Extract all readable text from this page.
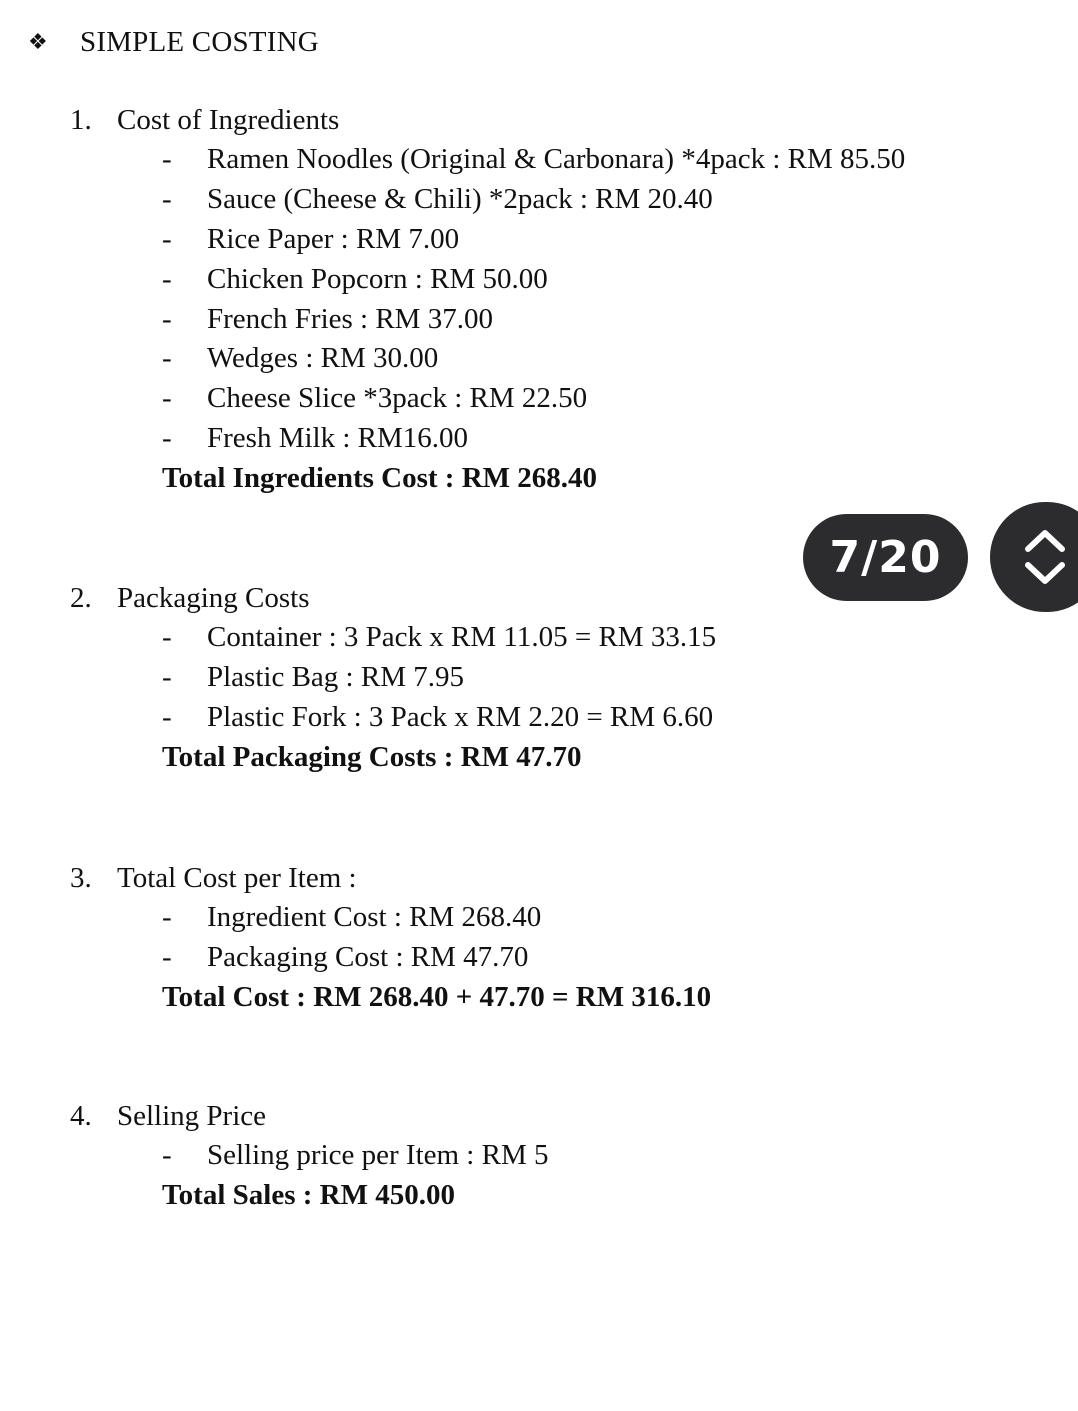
❖	SIMPLE COSTING
1. Cost of Ingredients
-	Ramen Noodles (Original & Carbonara) *4pack : RM 85.50
-	Sauce (Cheese & Chili) *2pack : RM 20.40
-	Rice Paper : RM 7.00
-	Chicken Popcorn : RM 50.00
-	French Fries : RM 37.00
-	Wedges : RM 30.00
-	Cheese Slice *3pack : RM 22.50
-	Fresh Milk : RM16.00
Total Ingredients Cost : RM 268.40
2. Packaging Costs
-	Container : 3 Pack x RM 11.05 = RM 33.15
-	Plastic Bag : RM 7.95
-	Plastic Fork : 3 Pack x RM 2.20 = RM 6.60
Total Packaging Costs : RM 47.70
3. Total Cost per Item :
-	Ingredient Cost : RM 268.40
-	Packaging Cost : RM 47.70
Total Cost : RM 268.40 + 47.70 = RM 316.10
4. Selling Price
-	Selling price per Item : RM 5
Total Sales : RM 450.00
7/20
